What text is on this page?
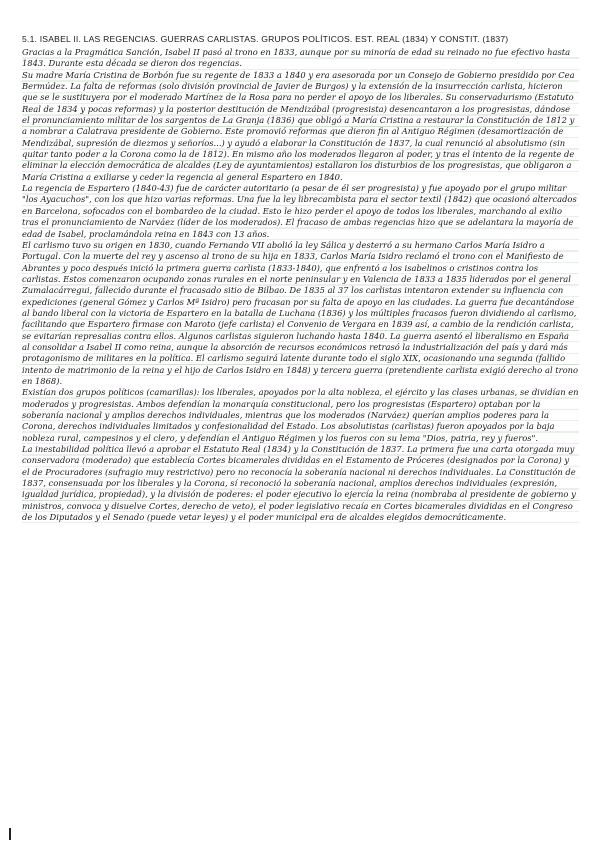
5.1. ISABEL II. LAS REGENCIAS. GUERRAS CARLISTAS. GRUPOS POLÍTICOS. EST. REAL (1834) Y CONSTIT. (1837)

Gracias a la Pragmática Sanción, Isabel II pasó al trono en 1833, aunque por su minoría de edad su reinado no fue efectivo hasta 1843. Durante esta década se dieron dos regencias.

Su madre María Cristina de Borbón fue su regente de 1833 a 1840 y era asesorada por un Consejo de Gobierno presidido por Cea Bermúdez. La falta de reformas (solo división provincial de Javier de Burgos) y la extensión de la insurrección carlista, hicieron que se le sustituyera por el moderado Martínez de la Rosa para no perder el apoyo de los liberales. Su conservadurismo (Estatuto Real de 1834 y pocas reformas) y la posterior destitución de Mendizábal (progresista) desencantaron a los progresistas, dándose el pronunciamiento militar de los sargentos de La Granja (1836) que obligó a María Cristina a restaurar la Constitución de 1812 y a nombrar a Calatrava presidente de Gobierno. Este promovió reformas que dieron fin al Antiguo Régimen (desamortización de Mendizábal, supresión de diezmos y señoríos...) y ayudó a elaborar la Constitución de 1837, la cual renunció al absolutismo (sin quitar tanto poder a la Corona como la de 1812). En mismo año los moderados llegaron al poder, y tras el intento de la regente de eliminar la elección democrática de alcaldes (Ley de ayuntamientos) estallaron los disturbios de los progresistas, que obligaron a María Cristina a exiliarse y ceder la regencia al general Espartero en 1840.

La regencia de Espartero (1840-43) fue de carácter autoritario (a pesar de él ser progresista) y fue apoyado por el grupo militar "los Ayacuchos", con los que hizo varias reformas. Una fue la ley librecambista para el sector textil (1842) que ocasionó altercados en Barcelona, sofocados con el bombardeo de la ciudad. Esto le hizo perder el apoyo de todos los liberales, marchando al exilio tras el pronunciamiento de Narváez (líder de los moderados). El fracaso de ambas regencias hizo que se adelantara la mayoría de edad de Isabel, proclamándola reina en 1843 con 13 años.

El carlismo tuvo su origen en 1830, cuando Fernando VII abolió la ley Sálica y desterró a su hermano Carlos María Isidro a Portugal. Con la muerte del rey y ascenso al trono de su hija en 1833, Carlos María Isidro reclamó el trono con el Manifiesto de Abrantes y poco después inició la primera guerra carlista (1833-1840), que enfrentó a los isabelinos o cristinos contra los carlistas. Estos comenzaron ocupando zonas rurales en el norte peninsular y en Valencia de 1833 a 1835 liderados por el general Zumalacárregui, fallecido durante el fracasado sitio de Bilbao. De 1835 al 37 los carlistas intentaron extender su influencia con expediciones (general Gómez y Carlos Mª Isidro) pero fracasan por su falta de apoyo en las ciudades. La guerra fue decantándose al bando liberal con la victoria de Espartero en la batalla de Luchana (1836) y los múltiples fracasos fueron dividiendo al carlismo, facilitando que Espartero firmase con Maroto (jefe carlista) el Convenio de Vergara en 1839 así, a cambio de la rendición carlista, se evitarían represalias contra ellos. Algunos carlistas siguieron luchando hasta 1840. La guerra asentó el liberalismo en España al consolidar a Isabel II como reina, aunque la absorción de recursos económicos retrasó la industrialización del país y dará más protagonismo de militares en la política. El carlismo seguirá latente durante todo el siglo XIX, ocasionando una segunda (fallido intento de matrimonio de la reina y el hijo de Carlos Isidro en 1848) y tercera guerra (pretendiente carlista exigió derecho al trono en 1868).

Existían dos grupos políticos (camarillas): los liberales, apoyados por la alta nobleza, el ejército y las clases urbanas, se dividían en moderados y progresistas. Ambos defendían la monarquía constitucional, pero los progresistas (Espartero) optaban por la soberanía nacional y amplios derechos individuales, mientras que los moderados (Narváez) querían amplios poderes para la Corona, derechos individuales limitados y confesionalidad del Estado. Los absolutistas (carlistas) fueron apoyados por la baja nobleza rural, campesinos y el clero, y defendían el Antiguo Régimen y los fueros con su lema "Dios, patria, rey y fueros".

La inestabilidad política llevó a aprobar el Estatuto Real (1834) y la Constitución de 1837. La primera fue una carta otorgada muy conservadora (moderado) que establecía Cortes bicamerales divididas en el Estamento de Próceres (designados por la Corona) y el de Procuradores (sufragio muy restrictivo) pero no reconocía la soberanía nacional ni derechos individuales. La Constitución de 1837, consensuada por los liberales y la Corona, sí reconoció la soberanía nacional, amplios derechos individuales (expresión, igualdad jurídica, propiedad), y la división de poderes: el poder ejecutivo lo ejercía la reina (nombraba al presidente de gobierno y ministros, convoca y disuelve Cortes, derecho de veto), el poder legislativo recaía en Cortes bicamerales divididas en el Congreso de los Diputados y el Senado (puede vetar leyes) y el poder municipal era de alcaldes elegidos democráticamente.
